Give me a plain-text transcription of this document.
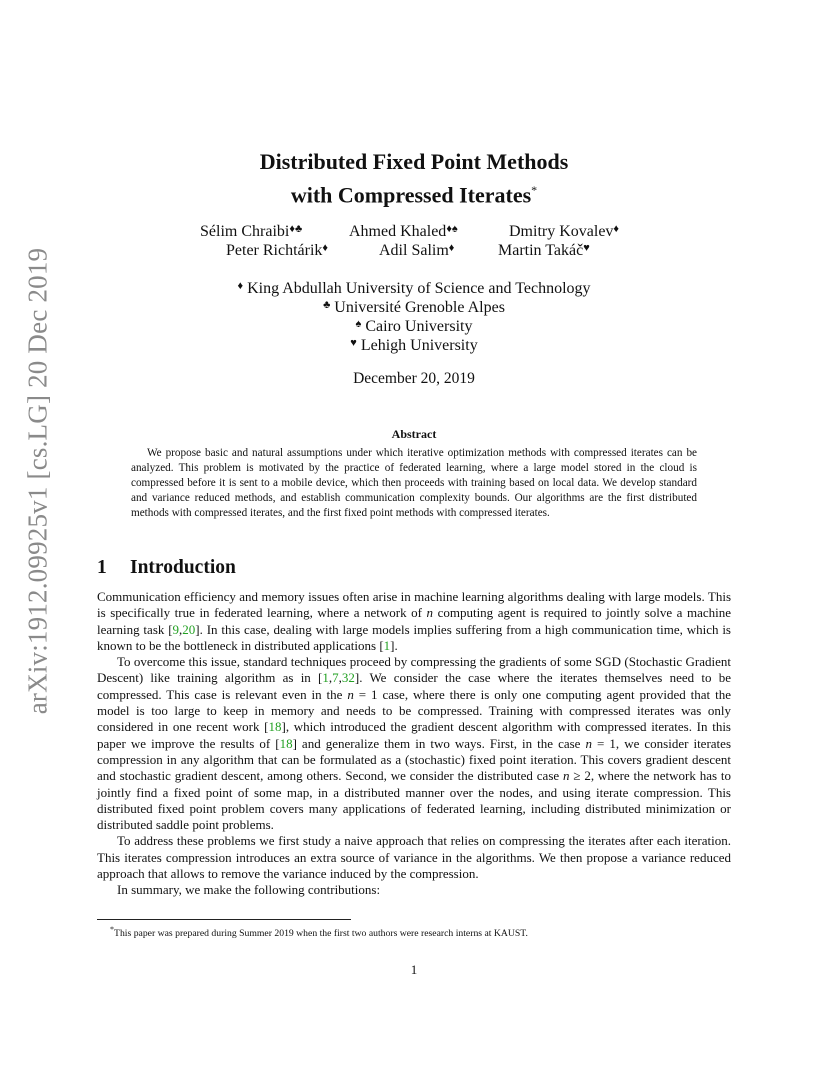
arXiv:1912.09925v1 [cs.LG] 20 Dec 2019
Distributed Fixed Point Methods
with Compressed Iterates*
Sélim Chraibi♦♣	Ahmed Khaled♦♠	Dmitry Kovalev♦
Peter Richtárik♦	Adil Salim♦	Martin Takáč♥
♦ King Abdullah University of Science and Technology
♣ Université Grenoble Alpes
♠ Cairo University
♥ Lehigh University
December 20, 2019
Abstract
We propose basic and natural assumptions under which iterative optimization methods with compressed iterates can be analyzed. This problem is motivated by the practice of federated learning, where a large model stored in the cloud is compressed before it is sent to a mobile device, which then proceeds with training based on local data. We develop standard and variance reduced methods, and establish communication complexity bounds. Our algorithms are the first distributed methods with compressed iterates, and the first fixed point methods with compressed iterates.
1 Introduction

Communication efficiency and memory issues often arise in machine learning algorithms dealing with large models. This is specifically true in federated learning, where a network of n computing agent is required to jointly solve a machine learning task [9,20]. In this case, dealing with large models implies suffering from a high communication time, which is known to be the bottleneck in distributed applications [1].

To overcome this issue, standard techniques proceed by compressing the gradients of some SGD (Stochastic Gradient Descent) like training algorithm as in [1,7,32]. We consider the case where the iterates themselves need to be compressed. This case is relevant even in the n = 1 case, where there is only one computing agent provided that the model is too large to keep in memory and needs to be compressed. Training with compressed iterates was only considered in one recent work [18], which introduced the gradient descent algorithm with compressed iterates. In this paper we improve the results of [18] and generalize them in two ways. First, in the case n = 1, we consider iterates compression in any algorithm that can be formulated as a (stochastic) fixed point iteration. This covers gradient descent and stochastic gradient descent, among others. Second, we consider the distributed case n ≥ 2, where the network has to jointly find a fixed point of some map, in a distributed manner over the nodes, and using iterate compression. This distributed fixed point problem covers many applications of federated learning, including distributed minimization or distributed saddle point problems.

To address these problems we first study a naive approach that relies on compressing the iterates after each iteration. This iterates compression introduces an extra source of variance in the algorithms. We then propose a variance reduced approach that allows to remove the variance induced by the compression.

In summary, we make the following contributions:

*This paper was prepared during Summer 2019 when the first two authors were research interns at KAUST.
1
